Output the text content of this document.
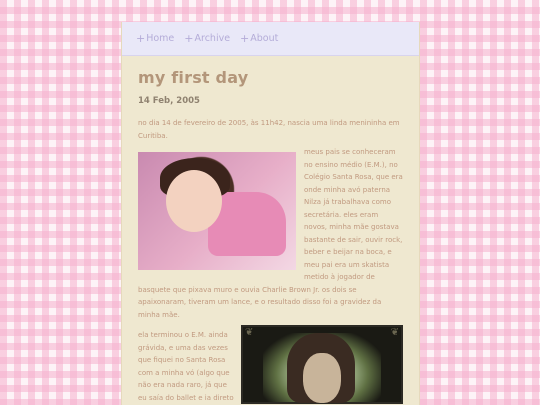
+ Home + Archive + About
my first day
14 Feb, 2005

no dia 14 de fevereiro de 2005, às 11h42, nascia uma linda menininha em Curitiba.

meus pais se conheceram no ensino médio (E.M.), no Colégio Santa Rosa, que era onde minha avó paterna Nilza já trabalhava como secretária. eles eram novos, minha mãe gostava bastante de sair, ouvir rock, beber e beijar na boca, e meu pai era um skatista metido à jogador de basquete que pixava muro e ouvia Charlie Brown Jr. os dois se apaixonaram, tiveram um lance, e o resultado disso foi a gravidez da minha mãe.

❦	❦

ela terminou o E.M. ainda grávida, e uma das vezes que fiquei no Santa Rosa com a minha vó (algo que não era nada raro, já que eu saía do ballet e ia direto
